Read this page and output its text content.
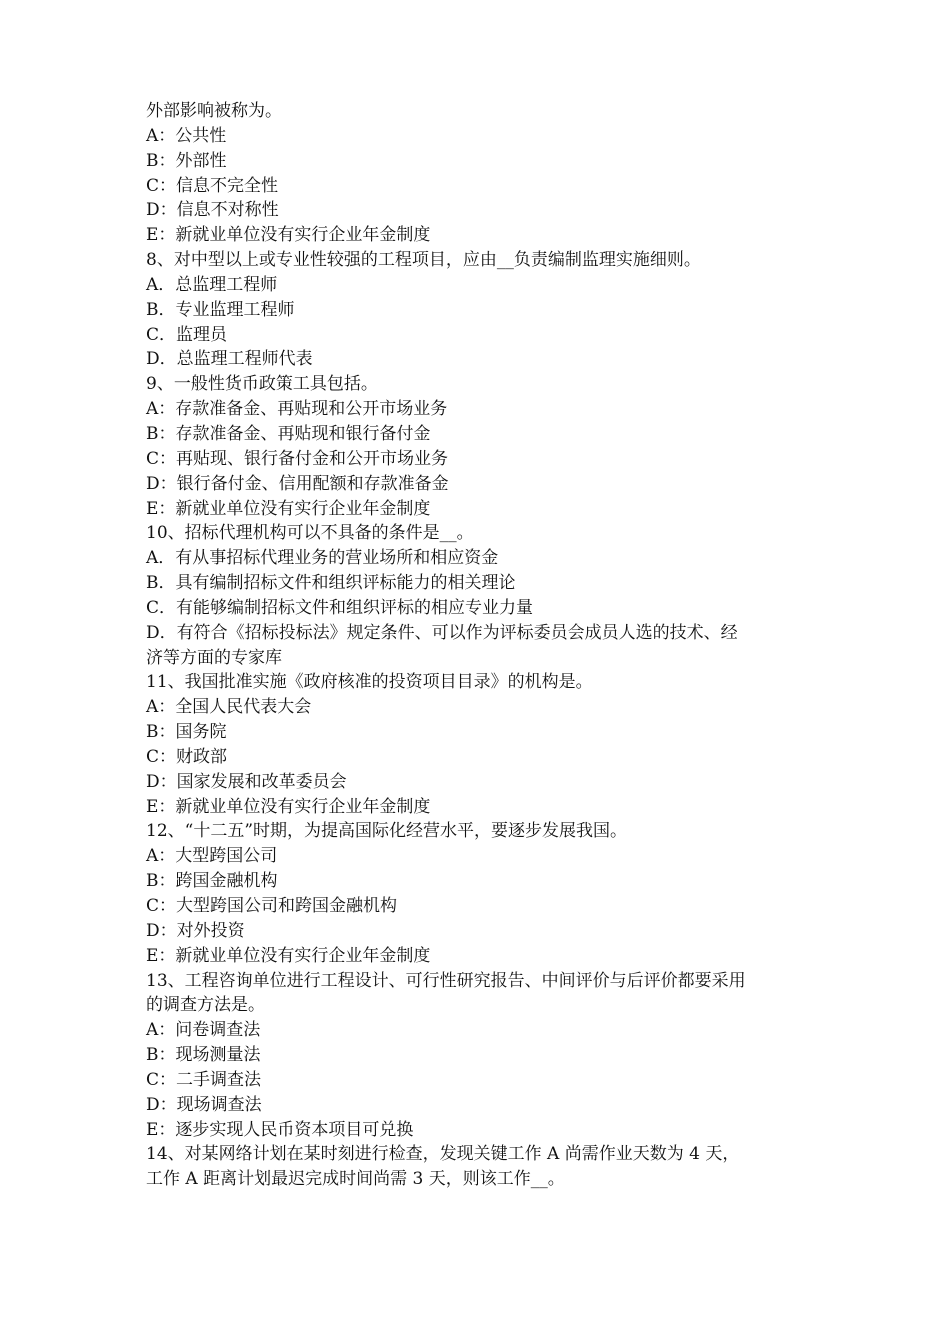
外部影响被称为。
A：公共性
B：外部性
C：信息不完全性
D：信息不对称性
E：新就业单位没有实行企业年金制度
8、对中型以上或专业性较强的工程项目，应由__负责编制监理实施细则。
A．总监理工程师
B．专业监理工程师
C．监理员
D．总监理工程师代表
9、一般性货币政策工具包括。
A：存款准备金、再贴现和公开市场业务
B：存款准备金、再贴现和银行备付金
C：再贴现、银行备付金和公开市场业务
D：银行备付金、信用配额和存款准备金
E：新就业单位没有实行企业年金制度
10、招标代理机构可以不具备的条件是__。
A．有从事招标代理业务的营业场所和相应资金
B．具有编制招标文件和组织评标能力的相关理论
C．有能够编制招标文件和组织评标的相应专业力量
D．有符合《招标投标法》规定条件、可以作为评标委员会成员人选的技术、经
济等方面的专家库
11、我国批准实施《政府核准的投资项目目录》的机构是。
A：全国人民代表大会
B：国务院
C：财政部
D：国家发展和改革委员会
E：新就业单位没有实行企业年金制度
12、“十二五”时期，为提高国际化经营水平，要逐步发展我国。
A：大型跨国公司
B：跨国金融机构
C：大型跨国公司和跨国金融机构
D：对外投资
E：新就业单位没有实行企业年金制度
13、工程咨询单位进行工程设计、可行性研究报告、中间评价与后评价都要采用
的调查方法是。
A：问卷调查法
B：现场测量法
C：二手调查法
D：现场调查法
E：逐步实现人民币资本项目可兑换
14、对某网络计划在某时刻进行检查，发现关键工作 A 尚需作业天数为 4 天，
工作 A 距离计划最迟完成时间尚需 3 天，则该工作__。
